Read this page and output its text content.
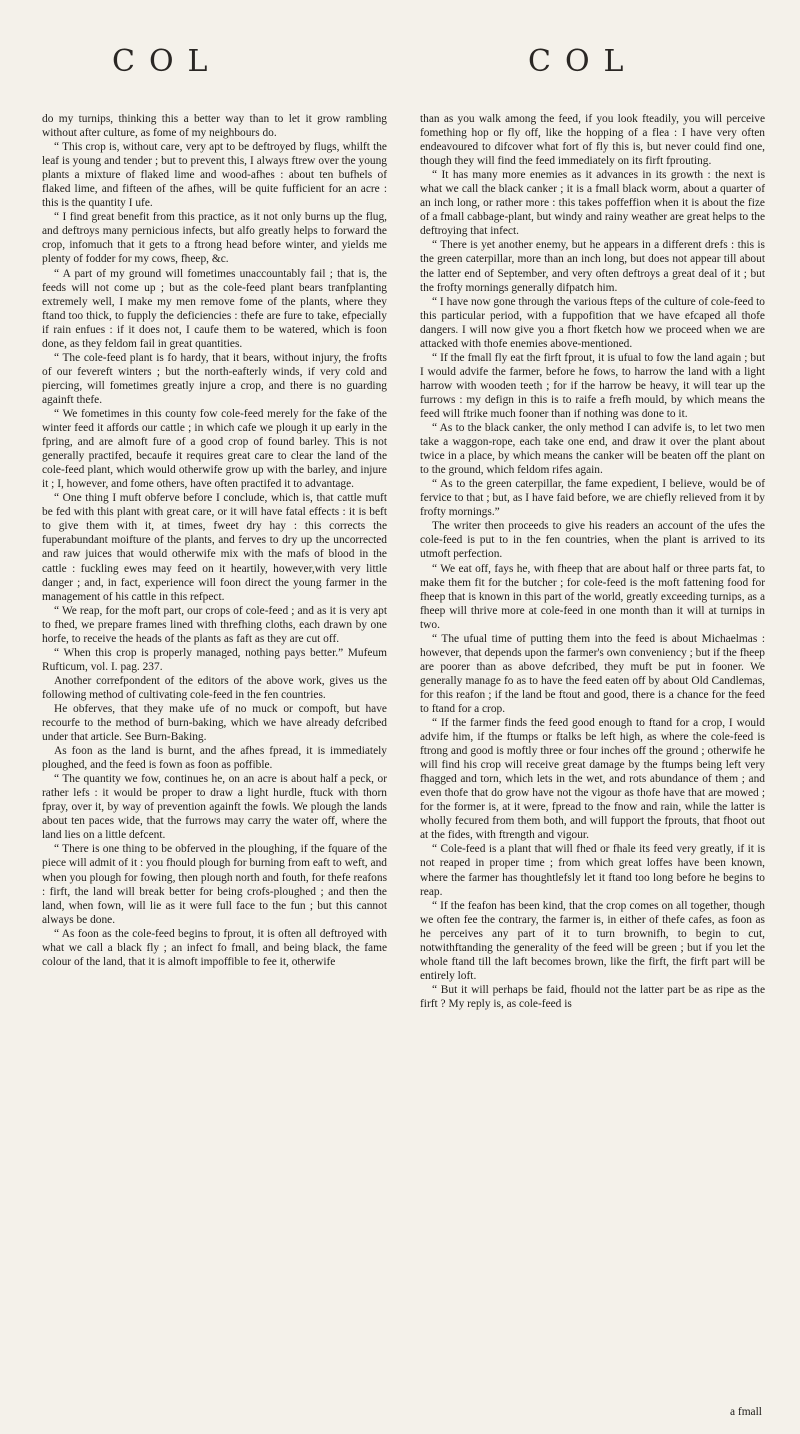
COL	COL

do my turnips, thinking this a better way than to let it grow rambling without after culture, as fome of my neighbours do.

“ This crop is, without care, very apt to be deftroyed by flugs, whilft the leaf is young and tender ; but to prevent this, I always ftrew over the young plants a mixture of flaked lime and wood-afhes : about ten bufhels of flaked lime, and fifteen of the afhes, will be quite fufficient for an acre : this is the quantity I ufe.

“ I find great benefit from this practice, as it not only burns up the flug, and deftroys many pernicious infects, but alfo greatly helps to forward the crop, infomuch that it gets to a ftrong head before winter, and yields me plenty of fodder for my cows, fheep, &c.

“ A part of my ground will fometimes unaccountably fail ; that is, the feeds will not come up ; but as the cole-feed plant bears tranfplanting extremely well, I make my men remove fome of the plants, where they ftand too thick, to fupply the deficiencies : thefe are fure to take, efpecially if rain enfues : if it does not, I caufe them to be watered, which is foon done, as they feldom fail in great quantities.

“ The cole-feed plant is fo hardy, that it bears, without injury, the frofts of our fevereft winters ; but the north-eafterly winds, if very cold and piercing, will fometimes greatly injure a crop, and there is no guarding againft thefe.

“ We fometimes in this county fow cole-feed merely for the fake of the winter feed it affords our cattle ; in which cafe we plough it up early in the fpring, and are almoft fure of a good crop of found barley. This is not generally practifed, becaufe it requires great care to clear the land of the cole-feed plant, which would otherwife grow up with the barley, and injure it ; I, however, and fome others, have often practifed it to advantage.

“ One thing I muft obferve before I conclude, which is, that cattle muft be fed with this plant with great care, or it will have fatal effects : it is beft to give them with it, at times, fweet dry hay : this corrects the fuperabundant moifture of the plants, and ferves to dry up the uncorrected and raw juices that would otherwife mix with the mafs of blood in the cattle : fuckling ewes may feed on it heartily, however,with very little danger ; and, in fact, experience will foon direct the young farmer in the management of his cattle in this refpect.

“ We reap, for the moft part, our crops of cole-feed ; and as it is very apt to fhed, we prepare frames lined with threfhing cloths, each drawn by one horfe, to receive the heads of the plants as faft as they are cut off.

“ When this crop is properly managed, nothing pays better.” Mufeum Rufticum, vol. I. pag. 237.

Another correfpondent of the editors of the above work, gives us the following method of cultivating cole-feed in the fen countries.

He obferves, that they make ufe of no muck or compoft, but have recourfe to the method of burn-baking, which we have already defcribed under that article. See Burn-Baking.

As foon as the land is burnt, and the afhes fpread, it is immediately ploughed, and the feed is fown as foon as poffible.

“ The quantity we fow, continues he, on an acre is about half a peck, or rather lefs : it would be proper to draw a light hurdle, ftuck with thorn fpray, over it, by way of prevention againft the fowls. We plough the lands about ten paces wide, that the furrows may carry the water off, where the land lies on a little defcent.

“ There is one thing to be obferved in the ploughing, if the fquare of the piece will admit of it : you fhould plough for burning from eaft to weft, and when you plough for fowing, then plough north and fouth, for thefe reafons : firft, the land will break better for being crofs-ploughed ; and then the land, when fown, will lie as it were full face to the fun ; but this cannot always be done.

“ As foon as the cole-feed begins to fprout, it is often all deftroyed with what we call a black fly ; an infect fo fmall, and being black, the fame colour of the land, that it is almoft impoffible to fee it, otherwife

than as you walk among the feed, if you look fteadily, you will perceive fomething hop or fly off, like the hopping of a flea : I have very often endeavoured to difcover what fort of fly this is, but never could find one, though they will find the feed immediately on its firft fprouting.

“ It has many more enemies as it advances in its growth : the next is what we call the black canker ; it is a fmall black worm, about a quarter of an inch long, or rather more : this takes poffeffion when it is about the fize of a fmall cabbage-plant, but windy and rainy weather are great helps to the deftroying that infect.

“ There is yet another enemy, but he appears in a different drefs : this is the green caterpillar, more than an inch long, but does not appear till about the latter end of September, and very often deftroys a great deal of it ; but the frofty mornings generally difpatch him.

“ I have now gone through the various fteps of the culture of cole-feed to this particular period, with a fuppofition that we have efcaped all thofe dangers. I will now give you a fhort fketch how we proceed when we are attacked with thofe enemies above-mentioned.

“ If the fmall fly eat the firft fprout, it is ufual to fow the land again ; but I would advife the farmer, before he fows, to harrow the land with a light harrow with wooden teeth ; for if the harrow be heavy, it will tear up the furrows : my defign in this is to raife a frefh mould, by which means the feed will ftrike much fooner than if nothing was done to it.

“ As to the black canker, the only method I can advife is, to let two men take a waggon-rope, each take one end, and draw it over the plant about twice in a place, by which means the canker will be beaten off the plant on to the ground, which feldom rifes again.

“ As to the green caterpillar, the fame expedient, I believe, would be of fervice to that ; but, as I have faid before, we are chiefly relieved from it by frofty mornings.”

The writer then proceeds to give his readers an account of the ufes the cole-feed is put to in the fen countries, when the plant is arrived to its utmoft perfection.

“ We eat off, fays he, with fheep that are about half or three parts fat, to make them fit for the butcher ; for cole-feed is the moft fattening food for fheep that is known in this part of the world, greatly exceeding turnips, as a fheep will thrive more at cole-feed in one month than it will at turnips in two.

“ The ufual time of putting them into the feed is about Michaelmas : however, that depends upon the farmer's own conveniency ; but if the fheep are poorer than as above defcribed, they muft be put in fooner. We generally manage fo as to have the feed eaten off by about Old Candlemas, for this reafon ; if the land be ftout and good, there is a chance for the feed to ftand for a crop.

“ If the farmer finds the feed good enough to ftand for a crop, I would advife him, if the ftumps or ftalks be left high, as where the cole-feed is ftrong and good is moftly three or four inches off the ground ; otherwife he will find his crop will receive great damage by the ftumps being left very fhagged and torn, which lets in the wet, and rots abundance of them ; and even thofe that do grow have not the vigour as thofe have that are mowed ; for the former is, at it were, fpread to the fnow and rain, while the latter is wholly fecured from them both, and will fupport the fprouts, that fhoot out at the fides, with ftrength and vigour.

“ Cole-feed is a plant that will fhed or fhale its feed very greatly, if it is not reaped in proper time ; from which great loffes have been known, where the farmer has thoughtlefsly let it ftand too long before he begins to reap.

“ If the feafon has been kind, that the crop comes on all together, though we often fee the contrary, the farmer is, in either of thefe cafes, as foon as he perceives any part of it to turn brownifh, to begin to cut, notwithftanding the generality of the feed will be green ; but if you let the whole ftand till the laft becomes brown, like the firft, the firft part will be entirely loft.

“ But it will perhaps be faid, fhould not the latter part be as ripe as the firft ? My reply is, as cole-feed is

a fmall
